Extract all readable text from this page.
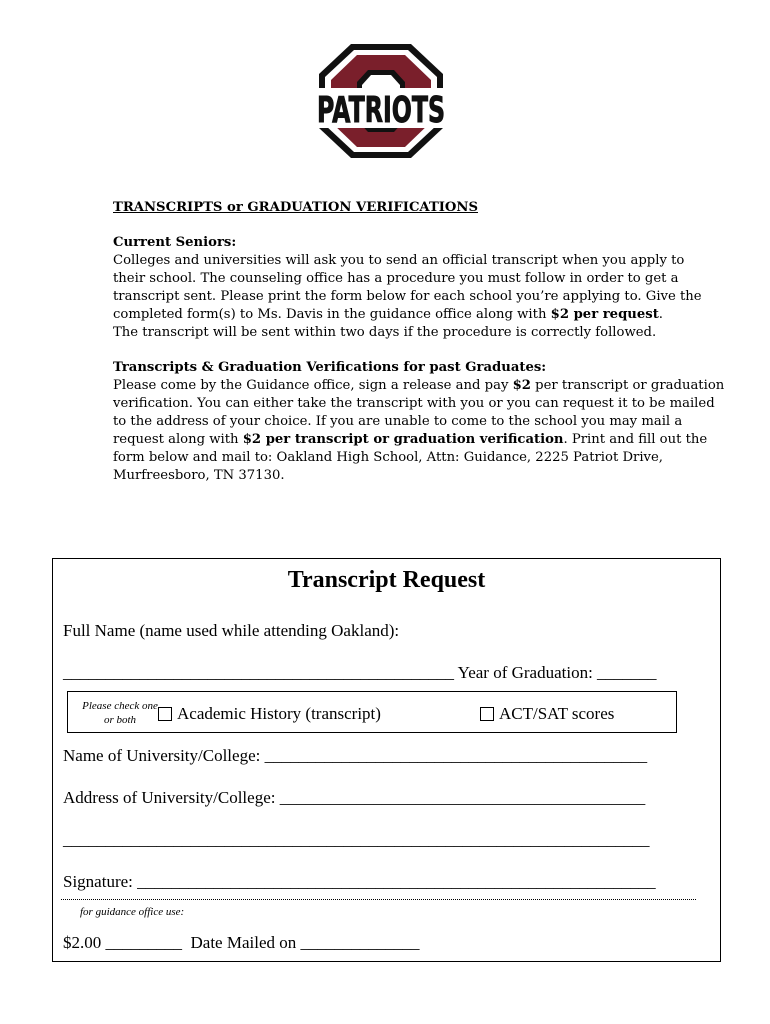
PATRIOTS
TRANSCRIPTS or GRADUATION VERIFICATIONS

Current Seniors:

Colleges and universities will ask you to send an official transcript when you apply to

their school. The counseling office has a procedure you must follow in order to get a

transcript sent. Please print the form below for each school you’re applying to. Give the

completed form(s) to Ms. Davis in the guidance office along with $2 per request.

The transcript will be sent within two days if the procedure is correctly followed.

Transcripts & Graduation Verifications for past Graduates:

Please come by the Guidance office, sign a release and pay $2 per transcript or graduation

verification. You can either take the transcript with you or you can request it to be mailed

to the address of your choice. If you are unable to come to the school you may mail a

request along with $2 per transcript or graduation verification. Print and fill out the

form below and mail to: Oakland High School, Attn: Guidance, 2225 Patriot Drive,

Murfreesboro, TN 37130.

Transcript Request
Full Name (name used while attending Oakland):
______________________________________________ Year of Graduation: _______
Please check one or both	Academic History (transcript)	ACT/SAT scores
Name of University/College: _____________________________________________
Address of University/College: ___________________________________________
_____________________________________________________________________
Signature: _____________________________________________________________
for guidance office use:
$2.00 _________  Date Mailed on ______________
